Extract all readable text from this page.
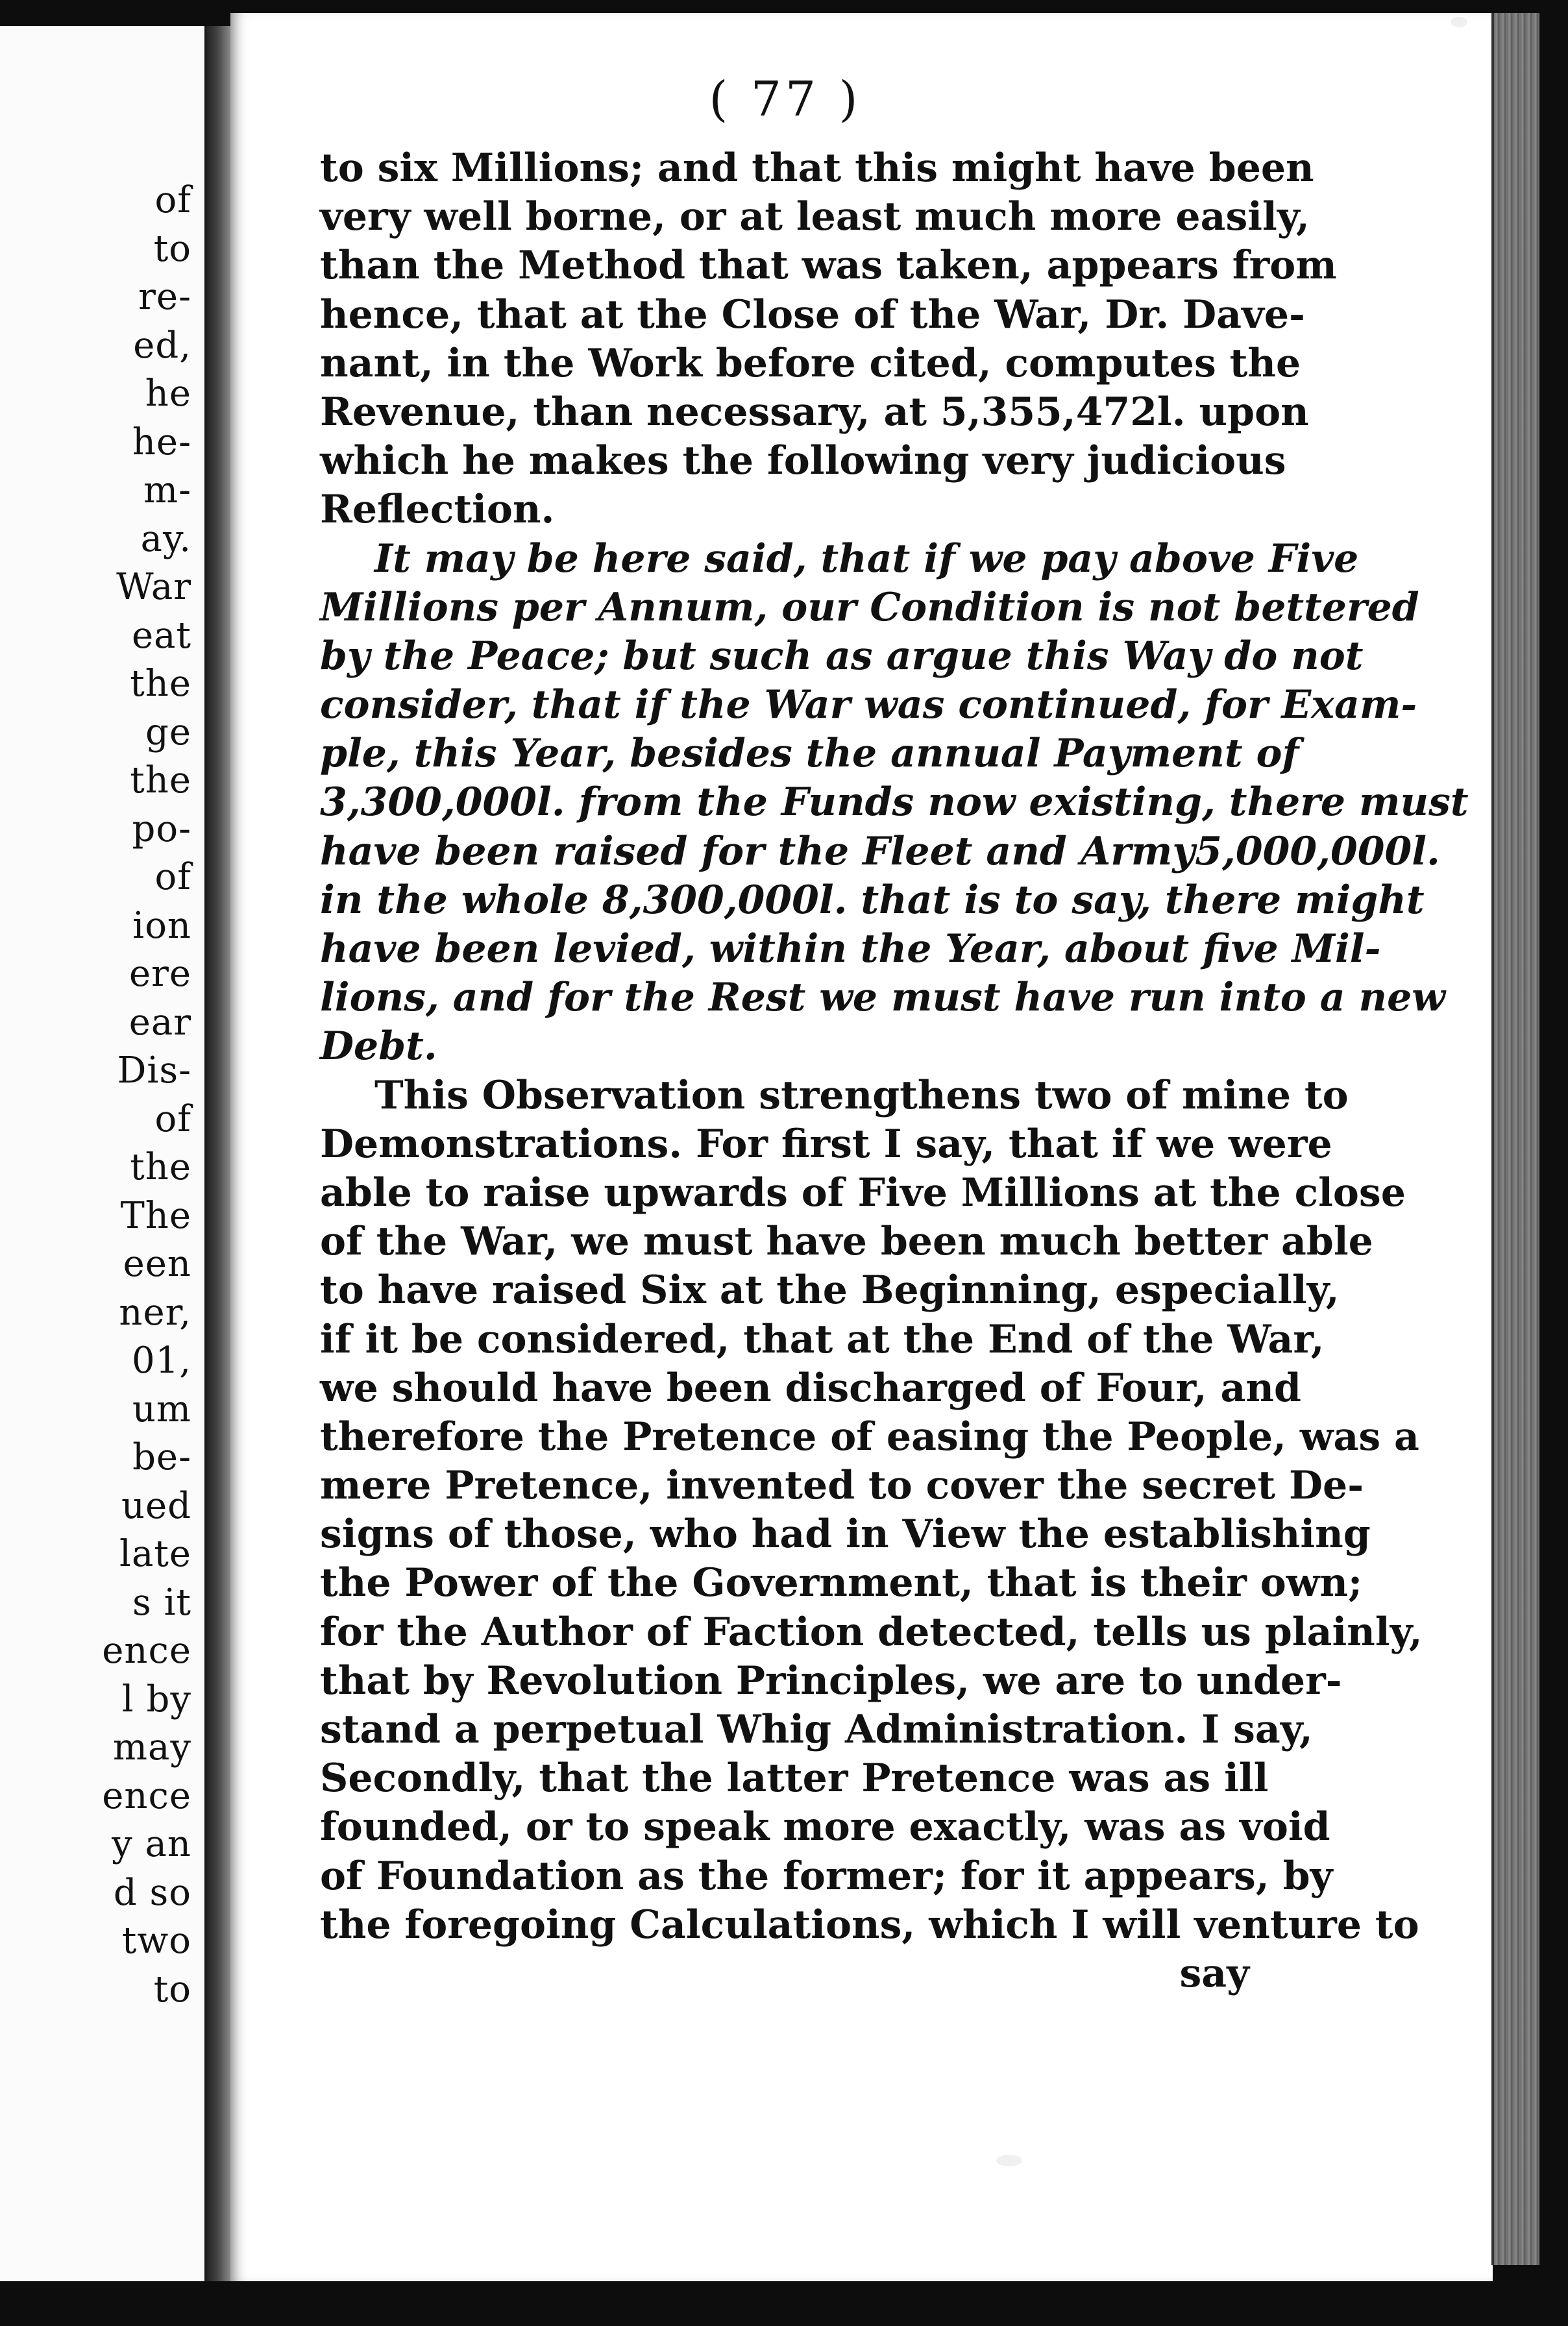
of
to
re-
ed,
he
he-
m-
ay.
War
eat
the
ge
the
po-
of
ion
ere
ear
Dis-
of
the
The
een
ner,
01,
um
be-
ued
late
s it
ence
l by
may
ence
y an
d so
two
to
( 77 )
to six Millions; and that this might have been
very well borne, or at least much more easily,
than the Method that was taken, appears from
hence, that at the Close of the War, Dr. Dave-
nant, in the Work before cited, computes the
Revenue, than necessary, at 5,355,472l. upon
which he makes the following very judicious
Reflection.
It may be here said, that if we pay above Five
Millions per Annum, our Condition is not bettered
by the Peace; but such as argue this Way do not
consider, that if the War was continued, for Exam-
ple, this Year, besides the annual Payment of
3,300,000l. from the Funds now existing, there must
have been raised for the Fleet and Army5,000,000l.
in the whole 8,300,000l. that is to say, there might
have been levied, within the Year, about five Mil-
lions, and for the Rest we must have run into a new
Debt.
This Observation strengthens two of mine to
Demonstrations. For first I say, that if we were
able to raise upwards of Five Millions at the close
of the War, we must have been much better able
to have raised Six at the Beginning, especially,
if it be considered, that at the End of the War,
we should have been discharged of Four, and
therefore the Pretence of easing the People, was a
mere Pretence, invented to cover the secret De-
signs of those, who had in View the establishing
the Power of the Government, that is their own;
for the Author of Faction detected, tells us plainly,
that by Revolution Principles, we are to under-
stand a perpetual Whig Administration. I say,
Secondly, that the latter Pretence was as ill
founded, or to speak more exactly, was as void
of Foundation as the former; for it appears, by
the foregoing Calculations, which I will venture to
say
